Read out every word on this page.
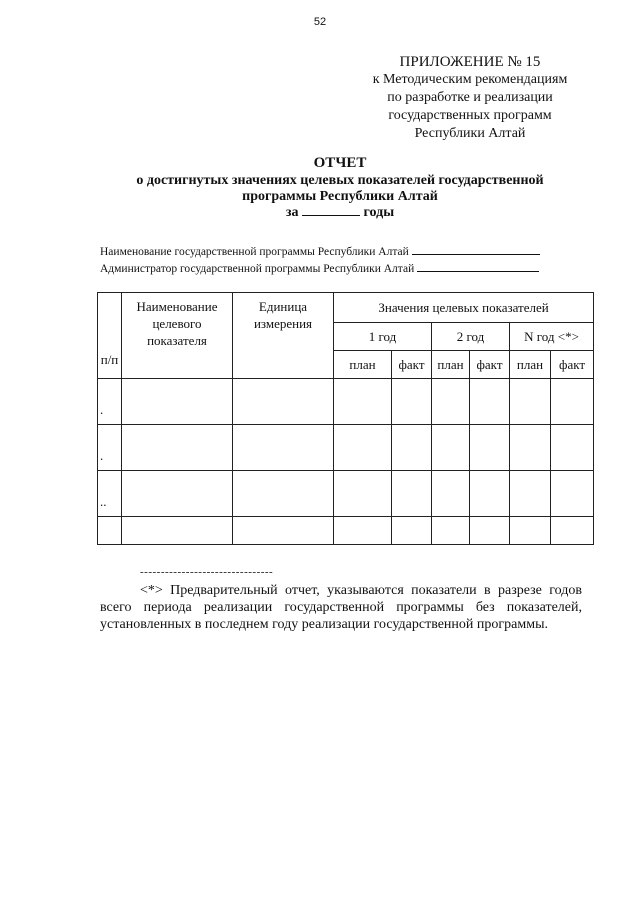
52
ПРИЛОЖЕНИЕ № 15
к Методическим рекомендациям
по разработке и реализации
государственных программ
Республики Алтай
ОТЧЕТ
о достигнутых значениях целевых показателей государственной
программы Республики Алтай
за	годы
Наименование государственной программы Республики Алтай
Администратор государственной программы Республики Алтай
п/п	Наименование целевого показателя	Единица измерения	Значения целевых показателей					
			1 год		2 год		N год <*>	
			план	факт	план	факт	план	факт
.								
.								
..								

--------------------------------
<*> Предварительный отчет, указываются показатели в разрезе годов всего периода реализации государственной программы без показателей, установленных в последнем году реализации государственной программы.
